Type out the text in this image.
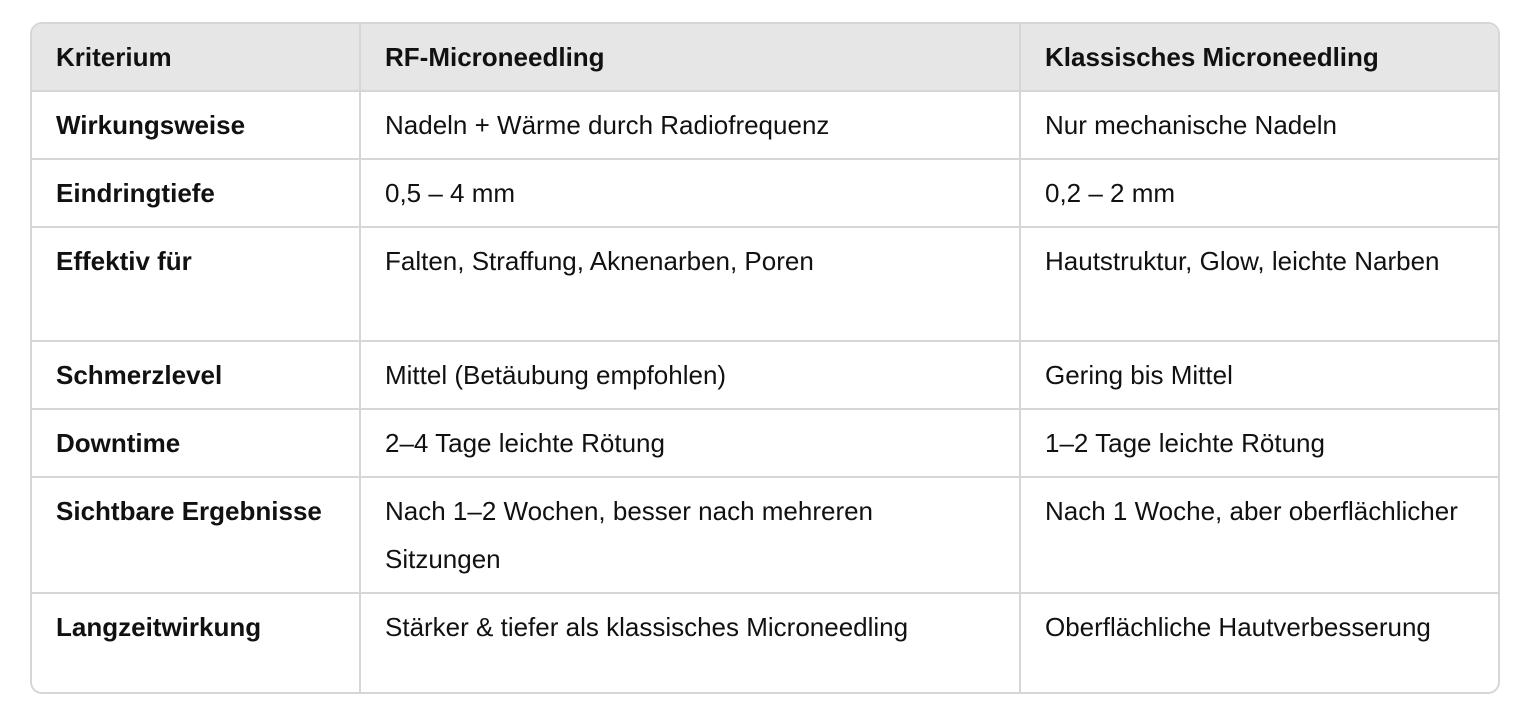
Kriterium	RF-Microneedling	Klassisches Microneedling
Wirkungsweise	Nadeln + Wärme durch Radiofrequenz	Nur mechanische Nadeln
Eindringtiefe	0,5 – 4 mm	0,2 – 2 mm
Effektiv für	Falten, Straffung, Aknenarben, Poren	Hautstruktur, Glow, leichte Narben
Schmerzlevel	Mittel (Betäubung empfohlen)	Gering bis Mittel
Downtime	2–4 Tage leichte Rötung	1–2 Tage leichte Rötung
Sichtbare Ergebnisse	Nach 1–2 Wochen, besser nach mehreren Sitzungen	Nach 1 Woche, aber oberflächlicher
Langzeitwirkung	Stärker & tiefer als klassisches Microneedling	Oberflächliche Hautverbesserung
